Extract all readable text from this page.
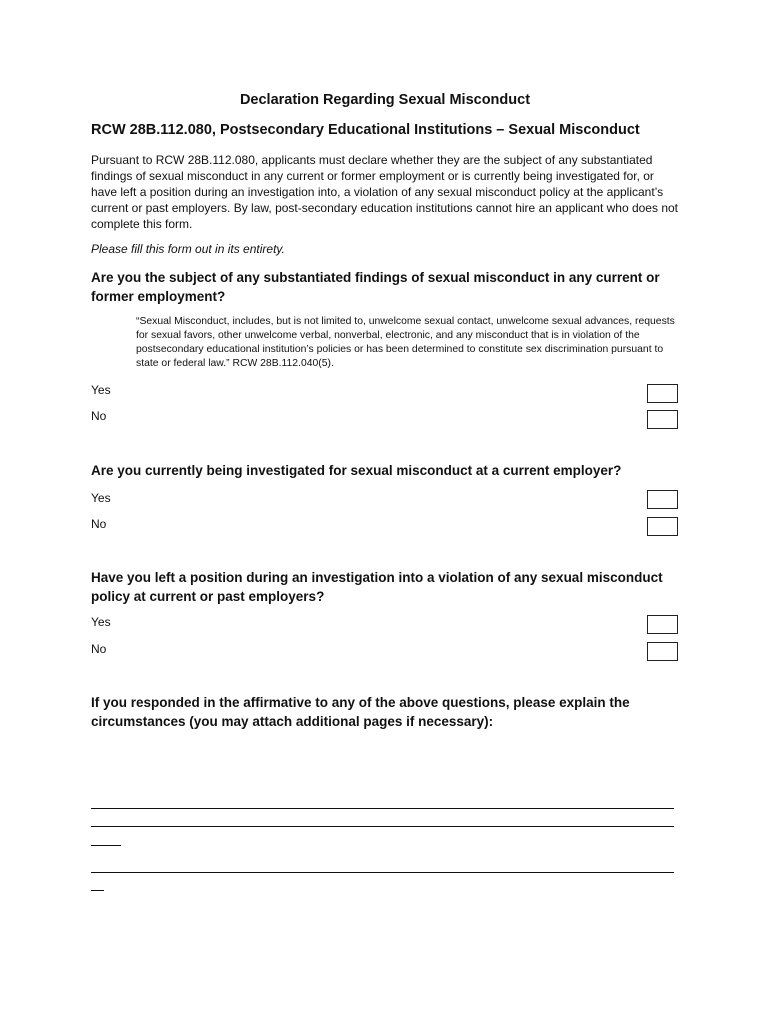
Declaration Regarding Sexual Misconduct
RCW 28B.112.080, Postsecondary Educational Institutions – Sexual Misconduct
Pursuant to RCW 28B.112.080, applicants must declare whether they are the subject of any substantiated findings of sexual misconduct in any current or former employment or is currently being investigated for, or have left a position during an investigation into, a violation of any sexual misconduct policy at the applicant’s current or past employers. By law, post-secondary education institutions cannot hire an applicant who does not complete this form.
Please fill this form out in its entirety.
Are you the subject of any substantiated findings of sexual misconduct in any current or former employment?
“Sexual Misconduct, includes, but is not limited to, unwelcome sexual contact, unwelcome sexual advances, requests for sexual favors, other unwelcome verbal, nonverbal, electronic, and any misconduct that is in violation of the postsecondary educational institution’s policies or has been determined to constitute sex discrimination pursuant to state or federal law.” RCW 28B.112.040(5).
Yes
No
Are you currently being investigated for sexual misconduct at a current employer?
Yes
No
Have you left a position during an investigation into a violation of any sexual misconduct policy at current or past employers?
Yes
No
If you responded in the affirmative to any of the above questions, please explain the circumstances (you may attach additional pages if necessary):
